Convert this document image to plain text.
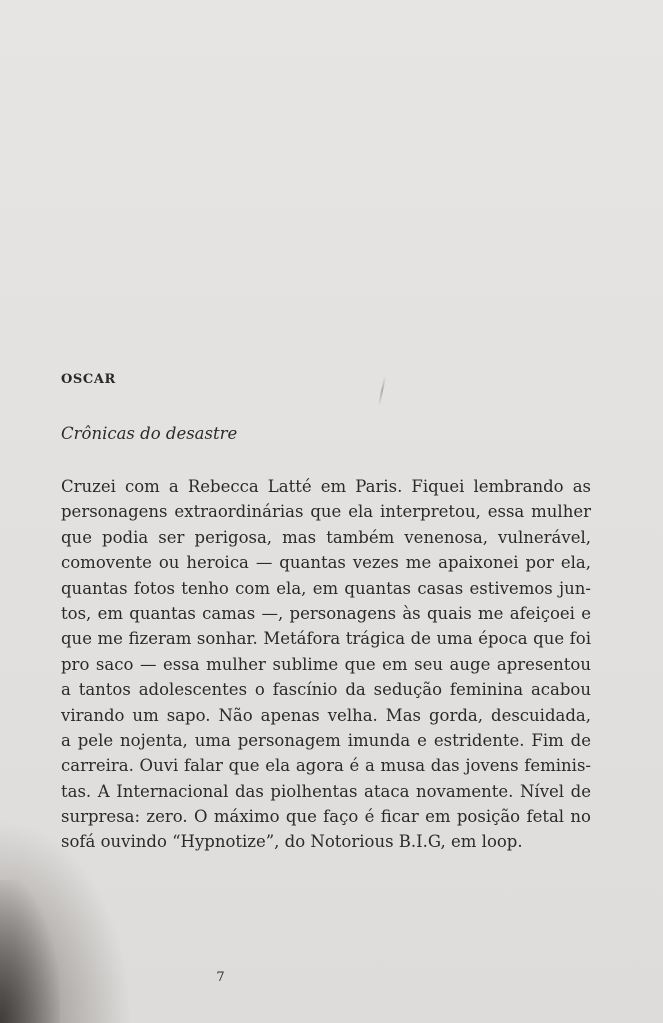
OSCAR
Crônicas do desastre
Cruzei com a Rebecca Latté em Paris. Fiquei lembrando as
personagens extraordinárias que ela interpretou, essa mulher
que podia ser perigosa, mas também venenosa, vulnerável,
comovente ou heroica — quantas vezes me apaixonei por ela,
quantas fotos tenho com ela, em quantas casas estivemos jun-
tos, em quantas camas —, personagens às quais me afeiçoei e
que me fizeram sonhar. Metáfora trágica de uma época que foi
pro saco — essa mulher sublime que em seu auge apresentou
a tantos adolescentes o fascínio da sedução feminina acabou
virando um sapo. Não apenas velha. Mas gorda, descuidada,
a pele nojenta, uma personagem imunda e estridente. Fim de
carreira. Ouvi falar que ela agora é a musa das jovens feminis-
tas. A Internacional das piolhentas ataca novamente. Nível de
surpresa: zero. O máximo que faço é ficar em posição fetal no
sofá ouvindo “Hypnotize”, do Notorious B.I.G, em loop.
7
